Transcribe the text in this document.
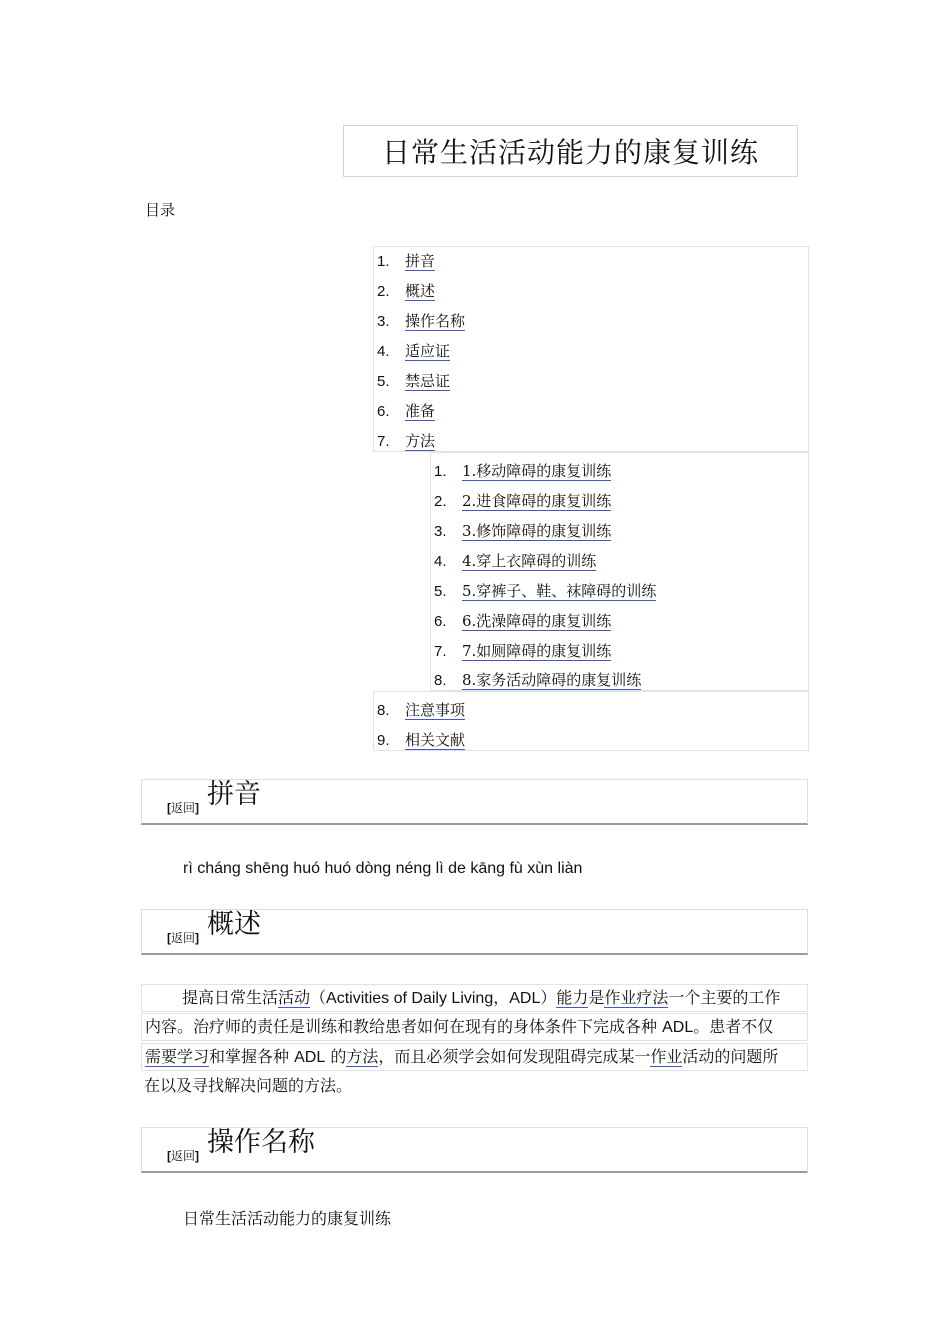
日常生活活动能力的康复训练
目录
1. 拼音
2. 概述
3. 操作名称
4. 适应证
5. 禁忌证
6. 准备
7. 方法
1. 1.移动障碍的康复训练
2. 2.进食障碍的康复训练
3. 3.修饰障碍的康复训练
4. 4.穿上衣障碍的训练
5. 5.穿裤子、鞋、袜障碍的训练
6. 6.洗澡障碍的康复训练
7. 7.如厕障碍的康复训练
8. 8.家务活动障碍的康复训练
8. 注意事项
9. 相关文献
[返回] 拼音
rì cháng shēng huó huó dòng néng lì de kāng fù xùn liàn
[返回] 概述
提高日常生活活动（Activities of Daily Living，ADL）能力是作业疗法一个主要的工作
内容。治疗师的责任是训练和教给患者如何在现有的身体条件下完成各种 ADL。患者不仅
需要学习和掌握各种 ADL 的方法，而且必须学会如何发现阻碍完成某一作业活动的问题所
在以及寻找解决问题的方法。
[返回] 操作名称
日常生活活动能力的康复训练
